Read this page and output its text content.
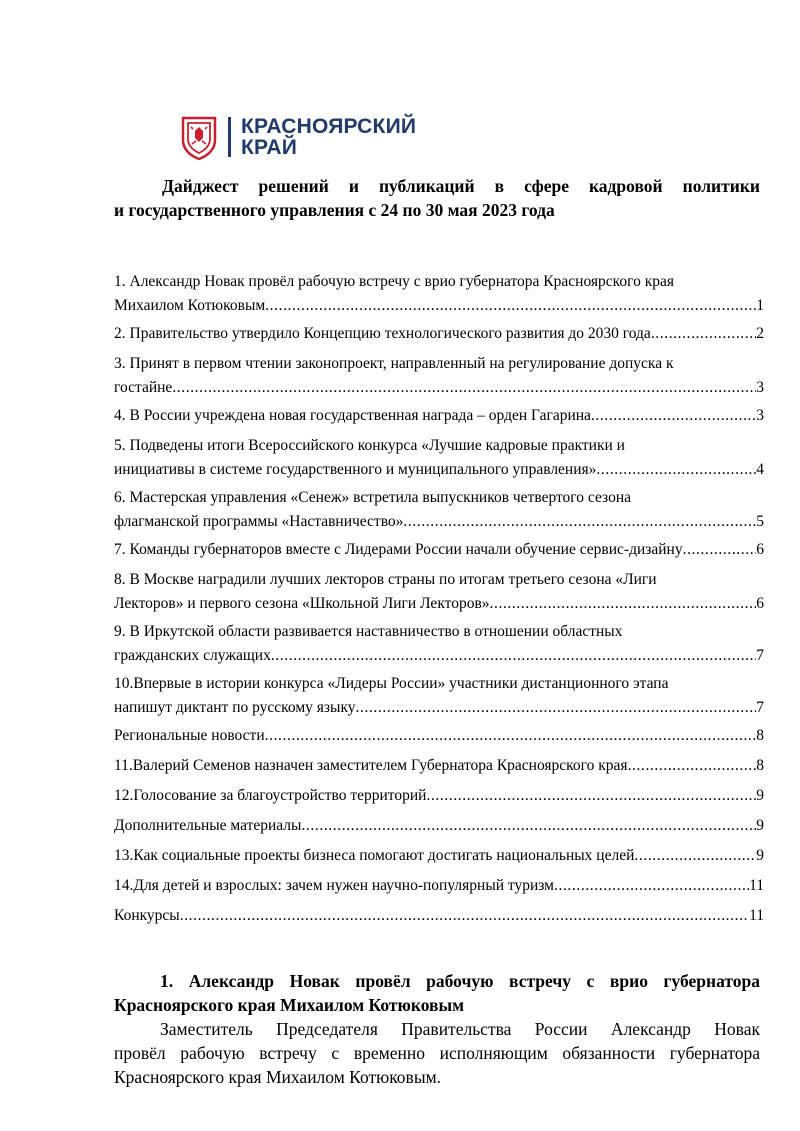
КРАСНОЯРСКИЙ
КРАЙ
Дайджест решений и публикаций в сфере кадровой политики
и государственного управления с 24 по 30 мая 2023 года
1. Александр Новак провёл рабочую встречу с врио губернатора Красноярского края
Михаилом Котюковым .....	1
2. Правительство утвердило Концепцию технологического развития до 2030 года .....	2
3. Принят в первом чтении законопроект, направленный на регулирование допуска к
гостайне .....	3
4. В России учреждена новая государственная награда – орден Гагарина .....	3
5. Подведены итоги Всероссийского конкурса «Лучшие кадровые практики и
инициативы в системе государственного и муниципального управления» .....	4
6. Мастерская управления «Сенеж» встретила выпускников четвертого сезона
флагманской программы «Наставничество» .....	5
7. Команды губернаторов вместе с Лидерами России начали обучение сервис-дизайну .....	6
8. В Москве наградили лучших лекторов страны по итогам третьего сезона «Лиги
Лекторов» и первого сезона «Школьной Лиги Лекторов» .....	6
9. В Иркутской области развивается наставничество в отношении областных
гражданских служащих .....	7
10.Впервые в истории конкурса «Лидеры России» участники дистанционного этапа
напишут диктант по русскому языку .....	7
Региональные новости .....	8
11.Валерий Семенов назначен заместителем Губернатора Красноярского края .....	8
12.Голосование за благоустройство территорий .....	9
Дополнительные материалы .....	9
13.Как социальные проекты бизнеса помогают достигать национальных целей .....	9
14.Для детей и взрослых: зачем нужен научно-популярный туризм .....	11
Конкурсы .....	11
1. Александр Новак провёл рабочую встречу с врио губернатора
Красноярского края Михаилом Котюковым
Заместитель Председателя Правительства России Александр Новак
провёл рабочую встречу с временно исполняющим обязанности губернатора
Красноярского края Михаилом Котюковым.
